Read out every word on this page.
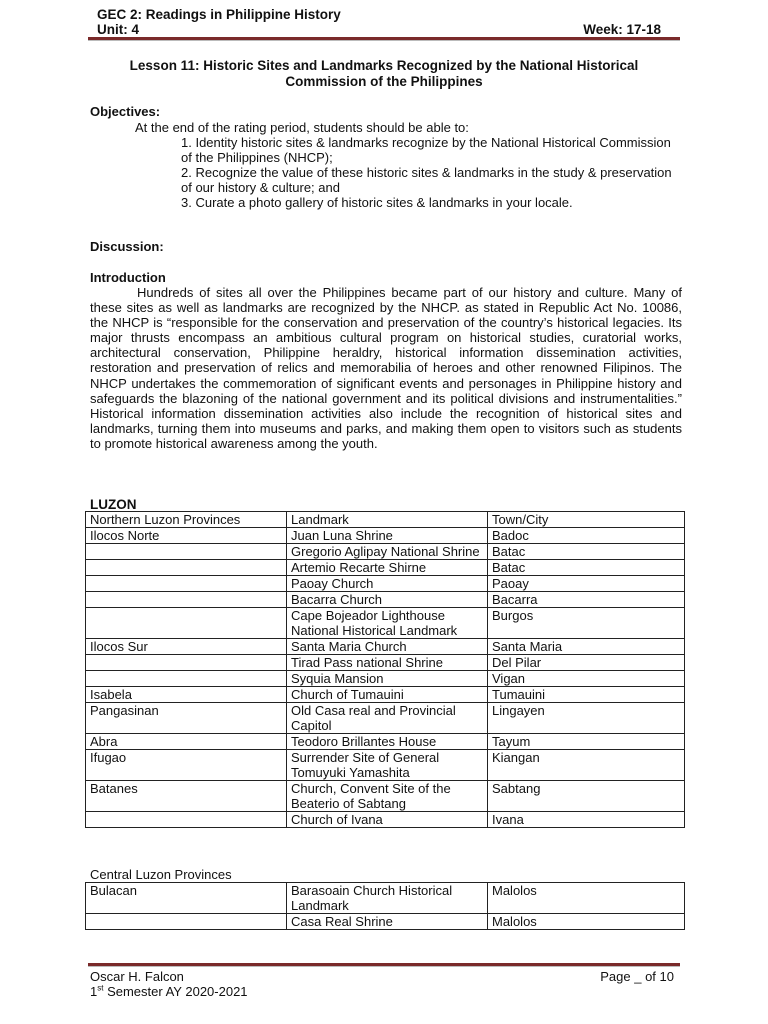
GEC 2: Readings in Philippine History
Unit: 4	Week: 17-18
Lesson 11: Historic Sites and Landmarks Recognized by the National Historical Commission of the Philippines
Objectives:
At the end of the rating period, students should be able to:
1. Identity historic sites & landmarks recognize by the National Historical Commission of the Philippines (NHCP);
2. Recognize the value of these historic sites & landmarks in the study & preservation of our history & culture; and
3. Curate a photo gallery of historic sites & landmarks in your locale.
Discussion:
Introduction
Hundreds of sites all over the Philippines became part of our history and culture. Many of these sites as well as landmarks are recognized by the NHCP. as stated in Republic Act No. 10086, the NHCP is “responsible for the conservation and preservation of the country’s historical legacies. Its major thrusts encompass an ambitious cultural program on historical studies, curatorial works, architectural conservation, Philippine heraldry, historical information dissemination activities, restoration and preservation of relics and memorabilia of heroes and other renowned Filipinos. The NHCP undertakes the commemoration of significant events and personages in Philippine history and safeguards the blazoning of the national government and its political divisions and instrumentalities.” Historical information dissemination activities also include the recognition of historical sites and landmarks, turning them into museums and parks, and making them open to visitors such as students to promote historical awareness among the youth.
LUZON
Northern Luzon Provinces	Landmark	Town/City
Ilocos Norte	Juan Luna Shrine	Badoc
	Gregorio Aglipay National Shrine	Batac
	Artemio Recarte Shirne	Batac
	Paoay Church	Paoay
	Bacarra Church	Bacarra
	Cape Bojeador Lighthouse National Historical Landmark	Burgos
Ilocos Sur	Santa Maria Church	Santa Maria
	Tirad Pass national Shrine	Del Pilar
	Syquia Mansion	Vigan
Isabela	Church of Tumauini	Tumauini
Pangasinan	Old Casa real and Provincial Capitol	Lingayen
Abra	Teodoro Brillantes House	Tayum
Ifugao	Surrender Site of General Tomuyuki Yamashita	Kiangan
Batanes	Church, Convent Site of the Beaterio of Sabtang	Sabtang
	Church of Ivana	Ivana
Central Luzon Provinces
Bulacan	Barasoain Church Historical Landmark	Malolos
	Casa Real Shrine	Malolos
Oscar H. Falcon	Page _ of 10
1st Semester AY 2020-2021
